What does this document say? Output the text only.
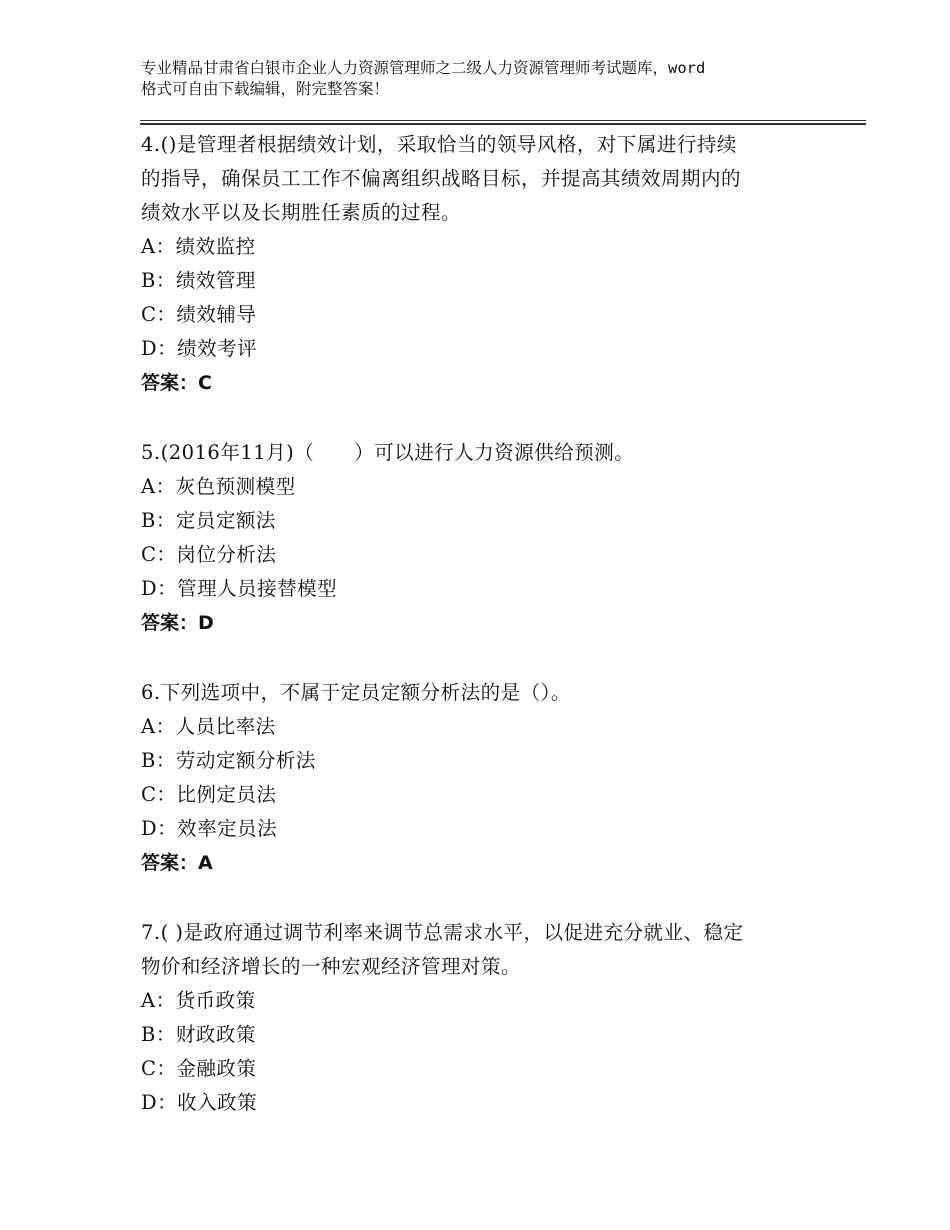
专业精品甘肃省白银市企业人力资源管理师之二级人力资源管理师考试题库，word
格式可自由下载编辑，附完整答案！
4.()是管理者根据绩效计划，采取恰当的领导风格，对下属进行持续
的指导，确保员工工作不偏离组织战略目标，并提高其绩效周期内的
绩效水平以及长期胜任素质的过程。
A：绩效监控
B：绩效管理
C：绩效辅导
D：绩效考评
答案：C
5.(2016年11月)（　　）可以进行人力资源供给预测。
A：灰色预测模型
B：定员定额法
C：岗位分析法
D：管理人员接替模型
答案：D
6.下列选项中，不属于定员定额分析法的是（）。
A：人员比率法
B：劳动定额分析法
C：比例定员法
D：效率定员法
答案：A
7.( )是政府通过调节利率来调节总需求水平，以促进充分就业、稳定
物价和经济增长的一种宏观经济管理对策。
A：货币政策
B：财政政策
C：金融政策
D：收入政策
